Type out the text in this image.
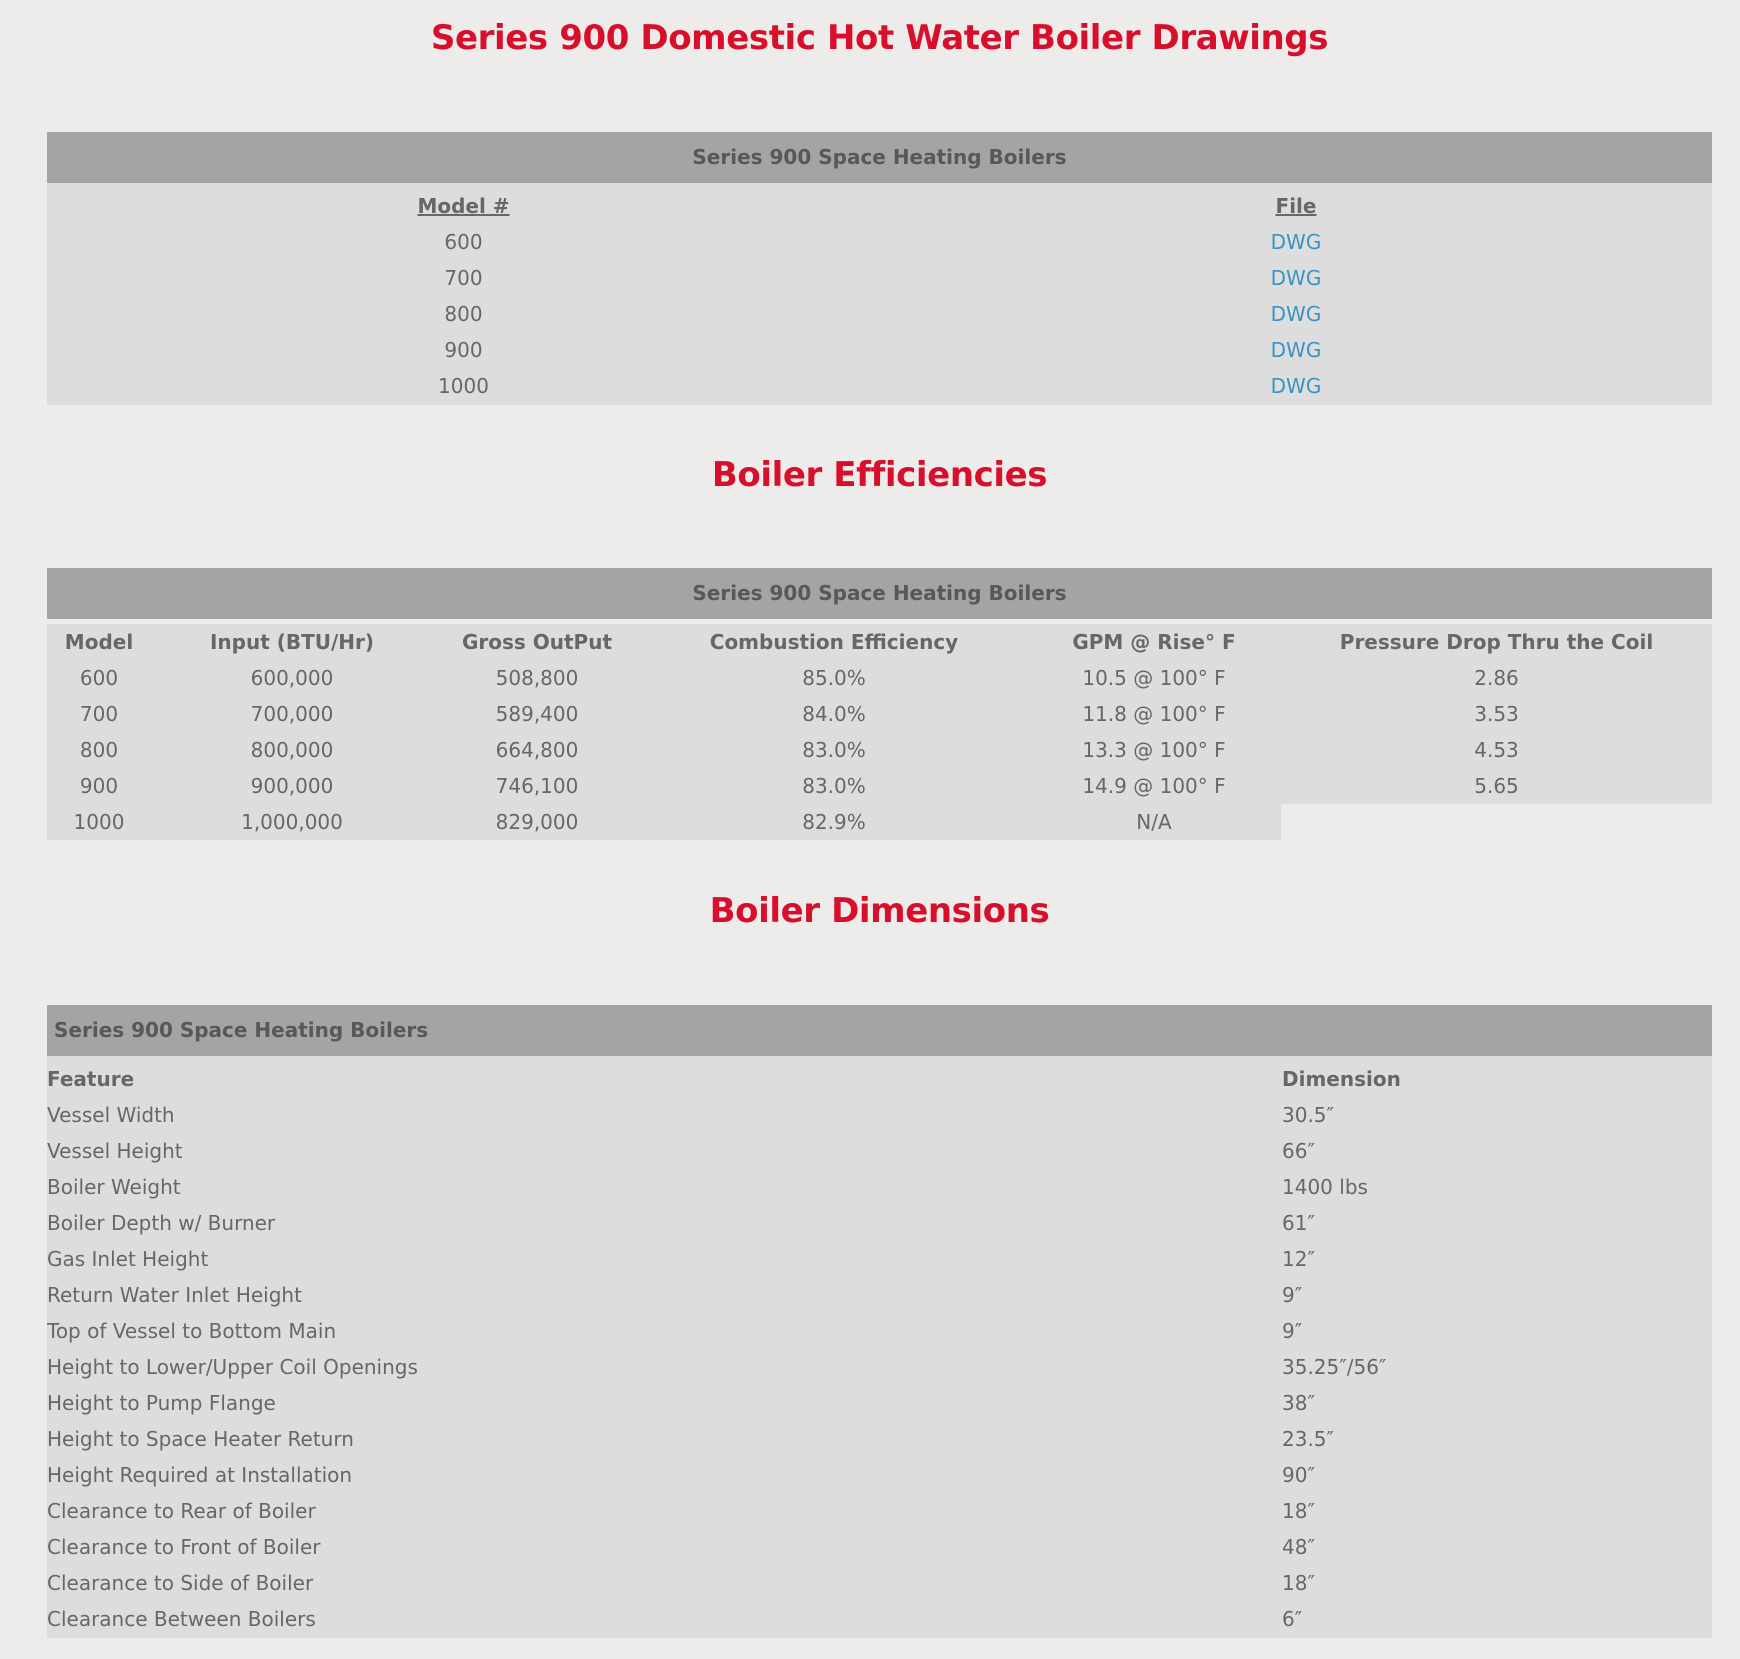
Series 900 Domestic Hot Water Boiler Drawings
Series 900 Space Heating Boilers
Model #	File
600	DWG
700	DWG
800	DWG
900	DWG
1000	DWG
Boiler Efficiencies
Series 900 Space Heating Boilers
Model	Input (BTU/Hr)	Gross OutPut	Combustion Efficiency	GPM @ Rise° F	Pressure Drop Thru the Coil
600	600,000	508,800	85.0%	10.5 @ 100° F	2.86
700	700,000	589,400	84.0%	11.8 @ 100° F	3.53
800	800,000	664,800	83.0%	13.3 @ 100° F	4.53
900	900,000	746,100	83.0%	14.9 @ 100° F	5.65
1000	1,000,000	829,000	82.9%	N/A
Boiler Dimensions
Series 900 Space Heating Boilers
Feature	Dimension
Vessel Width	30.5″
Vessel Height	66″
Boiler Weight	1400 lbs
Boiler Depth w/ Burner	61″
Gas Inlet Height	12″
Return Water Inlet Height	9″
Top of Vessel to Bottom Main	9″
Height to Lower/Upper Coil Openings	35.25″/56″
Height to Pump Flange	38″
Height to Space Heater Return	23.5″
Height Required at Installation	90″
Clearance to Rear of Boiler	18″
Clearance to Front of Boiler	48″
Clearance to Side of Boiler	18″
Clearance Between Boilers	6″
